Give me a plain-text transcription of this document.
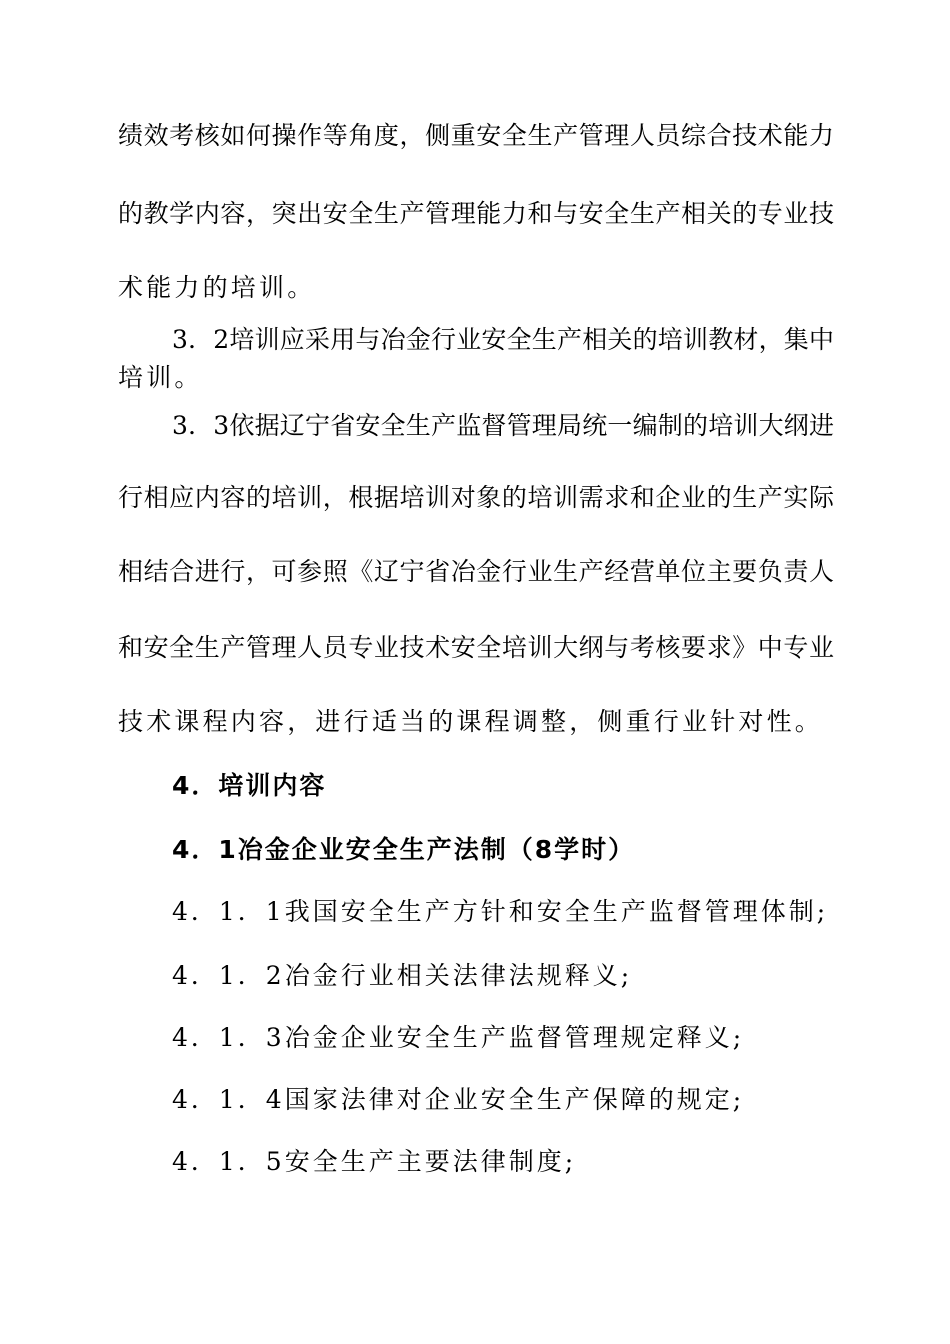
绩效考核如何操作等角度，侧重安全生产管理人员综合技术能力
的教学内容，突出安全生产管理能力和与安全生产相关的专业技
术能力的培训。
3．2培训应采用与冶金行业安全生产相关的培训教材，集中
培训。
3．3依据辽宁省安全生产监督管理局统一编制的培训大纲进
行相应内容的培训，根据培训对象的培训需求和企业的生产实际
相结合进行，可参照《辽宁省冶金行业生产经营单位主要负责人
和安全生产管理人员专业技术安全培训大纲与考核要求》中专业
技术课程内容，进行适当的课程调整，侧重行业针对性。
4．培训内容
4．1冶金企业安全生产法制（8学时）
4．1．1我国安全生产方针和安全生产监督管理体制;
4．1．2冶金行业相关法律法规释义;
4．1．3冶金企业安全生产监督管理规定释义;
4．1．4国家法律对企业安全生产保障的规定;
4．1．5安全生产主要法律制度;
